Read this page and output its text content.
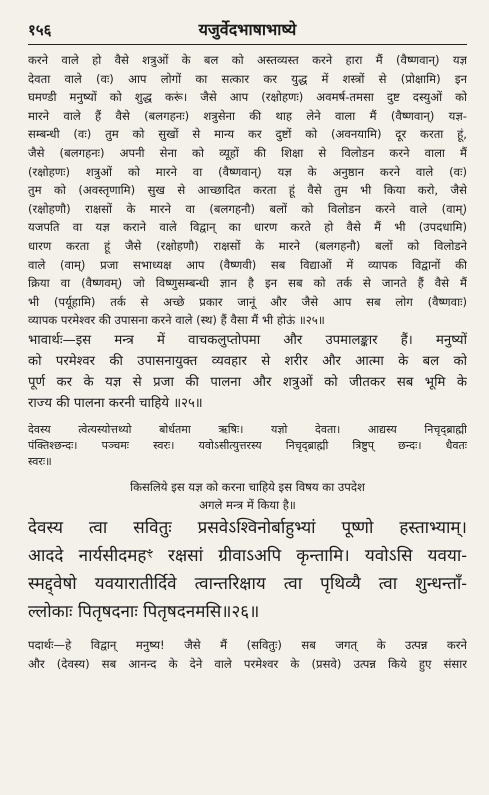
१५६	यजुर्वेदभाषाभाष्ये
करने वाले हो वैसे शत्रुओं के बल को अस्तव्यस्त करने हारा मैं (वैष्णवान्) यज्ञ
देवता वाले (वः) आप लोगों का सत्कार कर युद्ध में शस्त्रों से (प्रोक्षामि) इन
घमण्डी मनुष्यों को शुद्ध करूं। जैसे आप (रक्षोहणः) अवमर्ष-तमसा दुष्ट दस्युओं को
मारने वाले हैं वैसे (बलगहनः) शत्रुसेना की थाह लेने वाला मैं (वैष्णवान्) यज्ञ-
सम्बन्धी (वः) तुम को सुखों से मान्य कर दुष्टों को (अवनयामि) दूर करता हूं,
जैसे (बलगहनः) अपनी सेना को व्यूहों की शिक्षा से विलोडन करने वाला मैं
(रक्षोहणः) शत्रुओं को मारने वा (वैष्णवान्) यज्ञ के अनुष्ठान करने वाले (वः)
तुम को (अवस्तृणामि) सुख से आच्छादित करता हूं वैसे तुम भी किया करो, जैसे
(रक्षोहणौ) राक्षसों के मारने वा (बलगहनौ) बलों को विलोडन करने वाले (वाम्)
यजपति वा यज्ञ कराने वाले विद्वान् का धारण करते हो वैसे मैं भी (उपदधामि)
धारण करता हूं जैसे (रक्षोहणौ) राक्षसों के मारने (बलगहनौ) बलों को विलोडने
वाले (वाम्) प्रजा सभाध्यक्ष आप (वैष्णवी) सब विद्याओं में व्यापक विद्वानों की
क्रिया वा (वैष्णवम्) जो विष्णुसम्बन्धी ज्ञान है इन सब को तर्क से जानते हैं वैसे मैं
भी (पर्यूहामि) तर्क से अच्छे प्रकार जानूं और जैसे आप सब लोग (वैष्णवाः)
व्यापक परमेश्वर की उपासना करने वाले (स्थ) हैं वैसा मैं भी होऊं ॥२५॥
भावार्थः—इस मन्त्र में वाचकलुप्तोपमा और उपमालङ्कार हैं। मनुष्यों
को परमेश्वर की उपासनायुक्त व्यवहार से शरीर और आत्मा के बल को
पूर्ण कर के यज्ञ से प्रजा की पालना और शत्रुओं को जीतकर सब भूमि के
राज्य की पालना करनी चाहिये ॥२५॥
देवस्य त्वेत्यस्योत्तथ्यो बोर्धतमा ऋषिः। यज्ञो देवता। आद्यस्य निचृद्ब्राह्मी
पंक्तिश्छन्दः। पञ्चमः स्वरः। यवोऽसीत्युत्तरस्य निचृद्ब्राह्मी त्रिष्टुप् छन्दः। धैवतः
स्वरः॥
किसलिये इस यज्ञ को करना चाहिये इस विषय का उपदेश
अगले मन्त्र में किया है॥
देवस्य त्वा सवितुः प्रसवेऽश्विनोर्बाहुभ्यां पूष्णो हस्ताभ्याम्।
आददे नार्यसीदमहꣳ रक्षसां ग्रीवाऽअपि कृन्तामि। यवोऽसि यवया-
स्मद्द्वेषो यवयारातीर्दिवे त्वान्तरिक्षाय त्वा पृथिव्यै त्वा शुन्धन्ताँ-
ल्लोकाः पितृषदनाः पितृषदनमसि॥२६॥
पदार्थः—हे विद्वान् मनुष्य! जैसे मैं (सवितुः) सब जगत् के उत्पन्न करने
और (देवस्य) सब आनन्द के देने वाले परमेश्वर के (प्रसवे) उत्पन्न किये हुए संसार
